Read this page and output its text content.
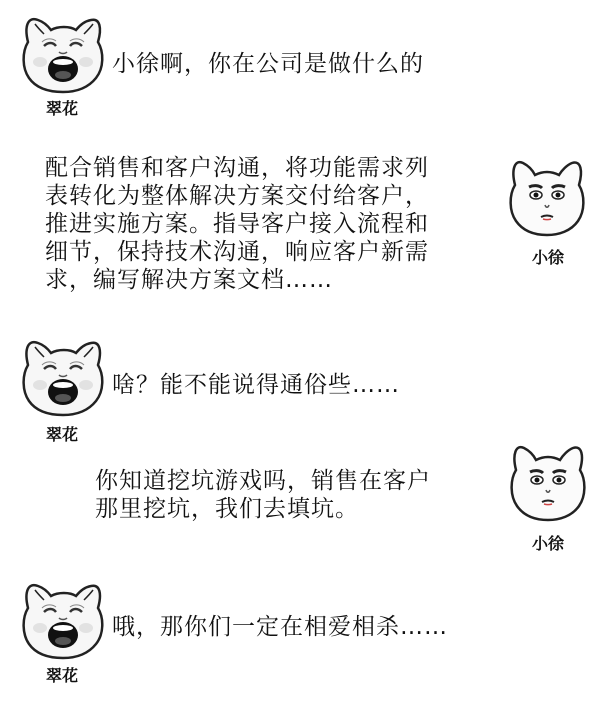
翠花
小徐啊，你在公司是做什么的
配合销售和客户沟通，将功能需求列
表转化为整体解决方案交付给客户，
推进实施方案。指导客户接入流程和
细节，保持技术沟通，响应客户新需
求，编写解决方案文档……
小徐
翠花
啥？能不能说得通俗些……
你知道挖坑游戏吗，销售在客户
那里挖坑，我们去填坑。
小徐
翠花
哦，那你们一定在相爱相杀……
